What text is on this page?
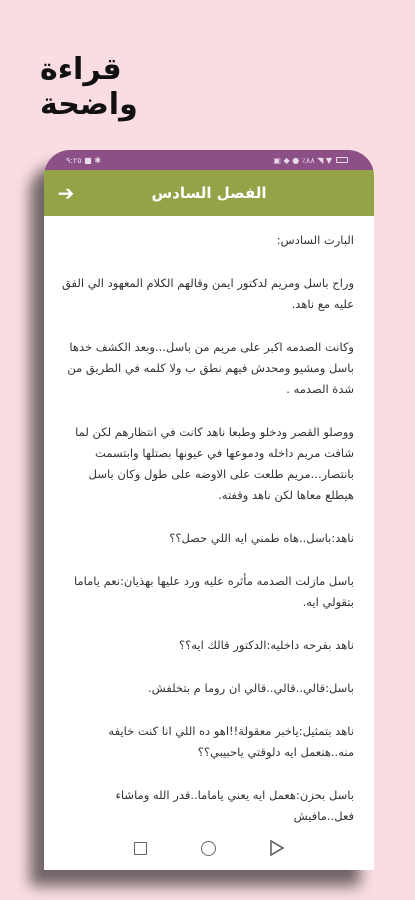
قراءة واضحة
٩:٢٥ ■ ✱	▣ ◆ ● ٪٨٨ ◥ ▼
➔	الفصل السادس

البارت السادس:

وراح باسل ومريم لدكتور ايمن وقالهم الكلام المعهود الي الفق عليه مع ناهد.

وكانت الصدمه اكبر على مريم من باسل...وبعد الكشف خدها باسل ومشيو ومحدش فيهم نطق ب ولا كلمه في الطريق من شدة الصدمه .

ووصلو القصر ودخلو وطبعا ناهد كانت في انتظارهم لكن لما شافت مريم داخله ودموعها في عيونها بصتلها وابتسمت بانتصار...مريم طلعت على الاوضه على طول وكان باسل هيطلع معاها لكن ناهد وقفته.

ناهد:باسل..هاه طمني ايه اللي حصل؟؟

باسل مازلت الصدمه مأثره عليه ورد عليها بهذيان:نعم ياماما بتقولي ايه.

ناهد بفرحه داخليه:الدكتور قالك ايه؟؟

باسل:قالي..قالي..قالي ان روما م بتخلفش.

ناهد بتمثيل:ياخبر معقولة!!اهو ده اللي انا كنت خايفه منه..هنعمل ايه دلوقتي ياحبيبي؟؟

باسل بحزن:هعمل ايه يعني ياماما..قدر الله وماشاء فعل..مافيش
